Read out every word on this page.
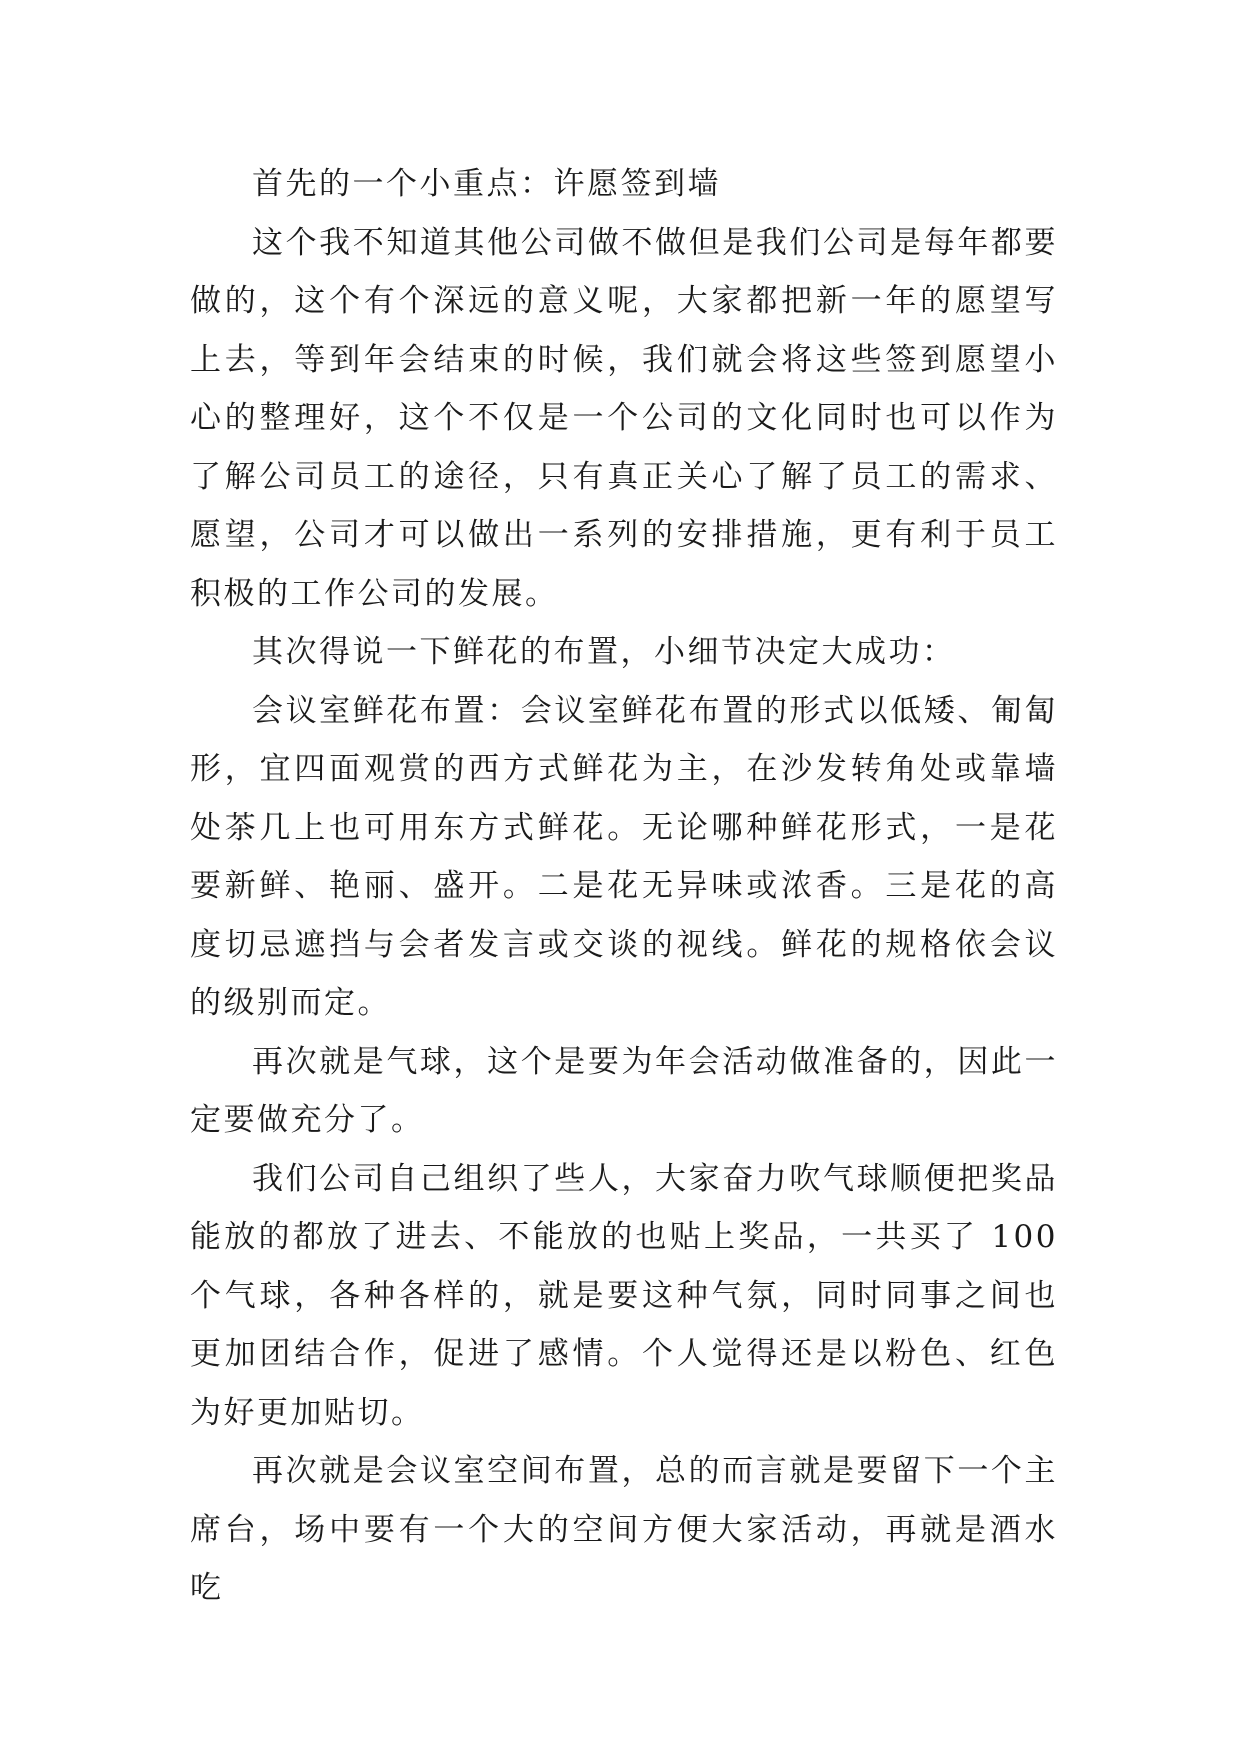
首先的一个小重点：许愿签到墙

这个我不知道其他公司做不做但是我们公司是每年都要做的，这个有个深远的意义呢，大家都把新一年的愿望写上去，等到年会结束的时候，我们就会将这些签到愿望小心的整理好，这个不仅是一个公司的文化同时也可以作为了解公司员工的途径，只有真正关心了解了员工的需求、愿望，公司才可以做出一系列的安排措施，更有利于员工积极的工作公司的发展。

其次得说一下鲜花的布置，小细节决定大成功：

会议室鲜花布置：会议室鲜花布置的形式以低矮、匍匐形，宜四面观赏的西方式鲜花为主，在沙发转角处或靠墙处茶几上也可用东方式鲜花。无论哪种鲜花形式，一是花要新鲜、艳丽、盛开。二是花无异味或浓香。三是花的高度切忌遮挡与会者发言或交谈的视线。鲜花的规格依会议的级别而定。

再次就是气球，这个是要为年会活动做准备的，因此一定要做充分了。

我们公司自己组织了些人，大家奋力吹气球顺便把奖品能放的都放了进去、不能放的也贴上奖品，一共买了 100 个气球，各种各样的，就是要这种气氛，同时同事之间也更加团结合作，促进了感情。个人觉得还是以粉色、红色为好更加贴切。

再次就是会议室空间布置，总的而言就是要留下一个主席台，场中要有一个大的空间方便大家活动，再就是酒水吃
